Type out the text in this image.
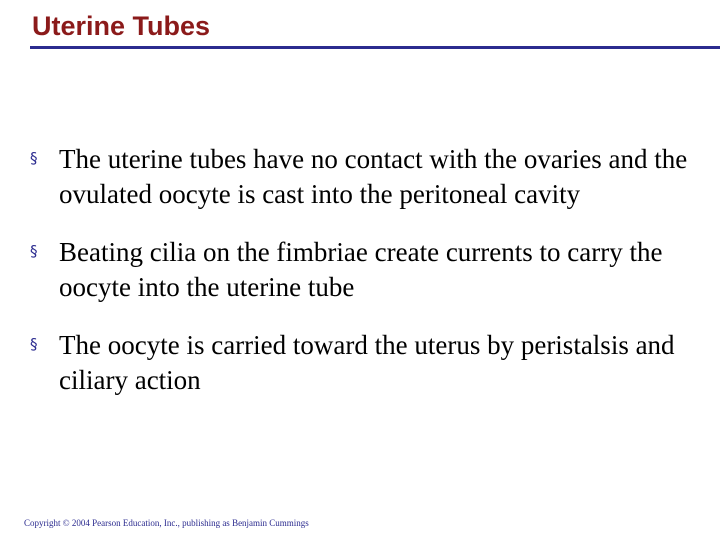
Uterine Tubes
§ The uterine tubes have no contact with the ovaries and the ovulated oocyte is cast into the peritoneal cavity
§ Beating cilia on the fimbriae create currents to carry the oocyte into the uterine tube
§ The oocyte is carried toward the uterus by peristalsis and ciliary action
Copyright © 2004 Pearson Education, Inc., publishing as Benjamin Cummings
